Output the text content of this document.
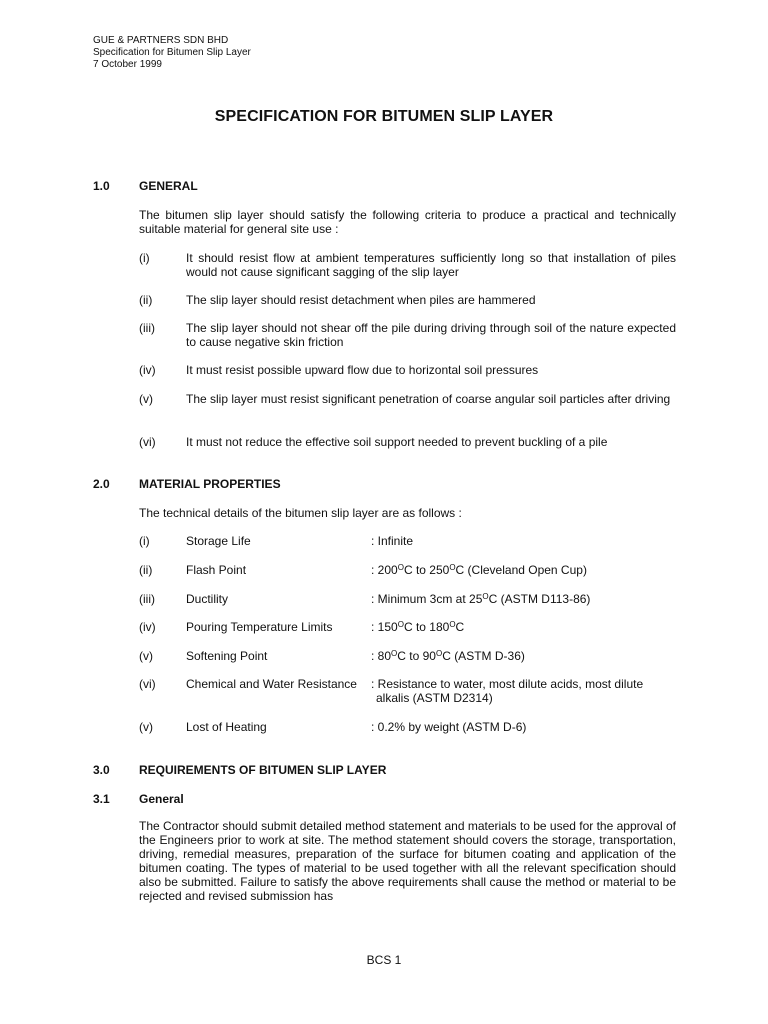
GUE & PARTNERS SDN BHD
Specification for Bitumen Slip Layer
7 October 1999
SPECIFICATION FOR BITUMEN SLIP LAYER
1.0 GENERAL
The bitumen slip layer should satisfy the following criteria to produce a practical and technically suitable material for general site use :
(i)	It should resist flow at ambient temperatures sufficiently long so that installation of piles would not cause significant sagging of the slip layer
(ii)	The slip layer should resist detachment when piles are hammered
(iii)	The slip layer should not shear off the pile during driving through soil of the nature expected to cause negative skin friction
(iv)	It must resist possible upward flow due to horizontal soil pressures
(v)	The slip layer must resist significant penetration of coarse angular soil particles after driving
(vi)	It must not reduce the effective soil support needed to prevent buckling of a pile
2.0 MATERIAL PROPERTIES
The technical details of the bitumen slip layer are as follows :
(i)	Storage Life	: Infinite
(ii)	Flash Point	: $200^OC$ to $250^OC$ (Cleveland Open Cup)
(iii)	Ductility	: Minimum 3cm at $25^OC$ (ASTM D113-86)
(iv)	Pouring Temperature Limits	: $150^OC$ to $180^OC$
(v)	Softening Point	: $80^OC$ to $90^OC$ (ASTM D-36)
(vi)	Chemical and Water Resistance : Resistance to water, most dilute acids, most dilute
alkalis (ASTM D2314)
(v)	Lost of Heating	: 0.2% by weight (ASTM D-6)
3.0 REQUIREMENTS OF BITUMEN SLIP LAYER
3.1 General
The Contractor should submit detailed method statement and materials to be used for the approval of the Engineers prior to work at site. The method statement should covers the storage, transportation, driving, remedial measures, preparation of the surface for bitumen coating and application of the bitumen coating. The types of material to be used together with all the relevant specification should also be submitted. Failure to satisfy the above requirements shall cause the method or material to be rejected and revised submission has
BCS 1
